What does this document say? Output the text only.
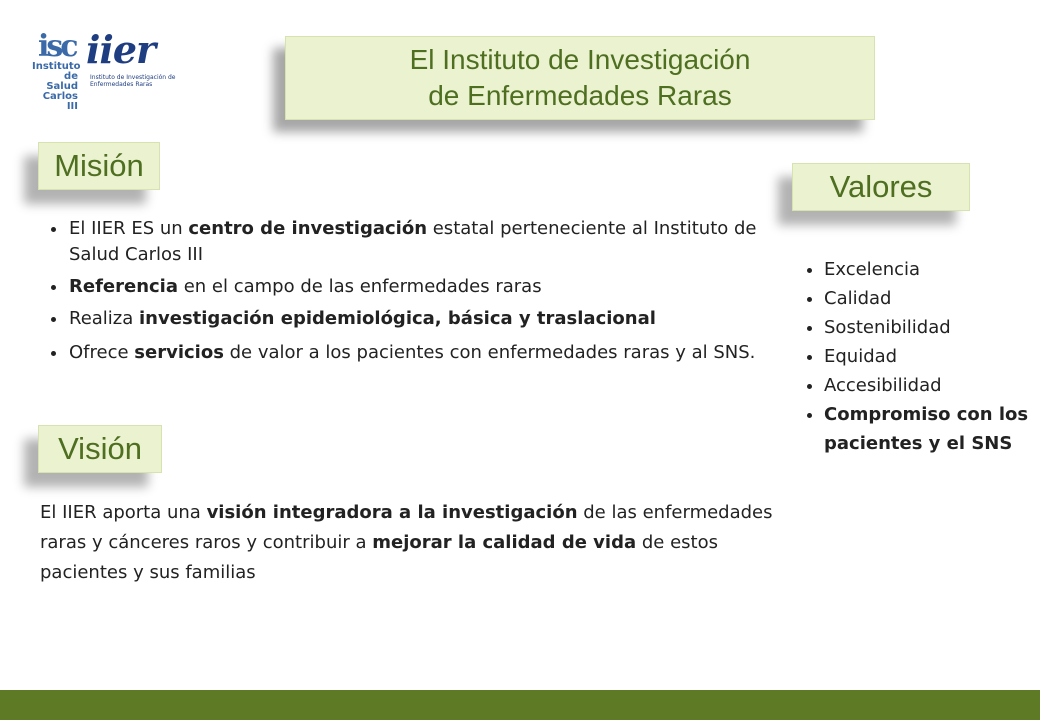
isc
Instituto de Salud Carlos III
iier
Instituto de Investigación de Enfermedades Raras
El Instituto de Investigación
de Enfermedades Raras
Misión
• El IIER ES un centro de investigación estatal perteneciente al Instituto de Salud Carlos III
• Referencia en el campo de las enfermedades raras
• Realiza investigación epidemiológica, básica y traslacional
• Ofrece servicios de valor a los pacientes con enfermedades raras y al SNS.
Valores
• Excelencia
• Calidad
• Sostenibilidad
• Equidad
• Accesibilidad
• Compromiso con los pacientes y el SNS
Visión

El IIER aporta una visión integradora a la investigación de las enfermedades raras y cánceres raros y contribuir a mejorar la calidad de vida de estos pacientes y sus familias
